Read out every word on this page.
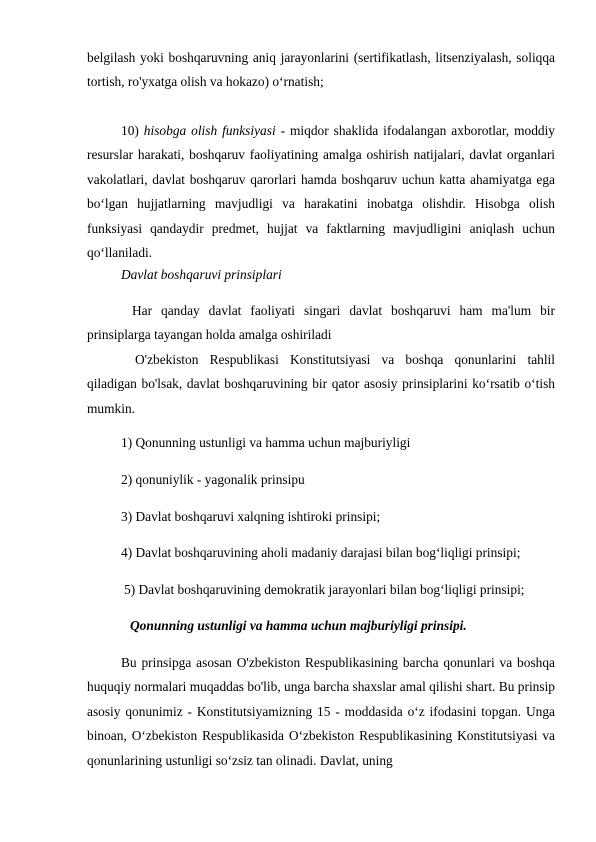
belgilash yoki boshqaruvning aniq jarayonlarini (sertifikatlash, litsenziyalash, soliqqa tortish, ro'yxatga olish va hokazo) o‘rnatish;

10) hisobga olish funksiyasi - miqdor shaklida ifodalangan axborotlar, moddiy resurslar harakati, boshqaruv faoliyatining amalga oshirish natijalari, davlat organlari vakolatlari, davlat boshqaruv qarorlari hamda boshqaruv uchun katta ahamiyatga ega bo‘lgan hujjatlarning mavjudligi va harakatini inobatga olishdir. Hisobga olish funksiyasi qandaydir predmet, hujjat va faktlarning mavjudligini aniqlash uchun qo‘llaniladi.

Davlat boshqaruvi prinsiplari

Har qanday davlat faoliyati singari davlat boshqaruvi ham ma'lum bir prinsiplarga tayangan holda amalga oshiriladi

O'zbekiston Respublikasi Konstitutsiyasi va boshqa qonunlarini tahlil qiladigan bo'lsak, davlat boshqaruvining bir qator asosiy prinsiplarini ko‘rsatib o‘tish mumkin.

1) Qonunning ustunligi va hamma uchun majburiyligi

2) qonuniylik - yagonalik prinsipu

3) Davlat boshqaruvi xalqning ishtiroki prinsipi;

4) Davlat boshqaruvining aholi madaniy darajasi bilan bog‘liqligi prinsipi;

5) Davlat boshqaruvining demokratik jarayonlari bilan bog‘liqligi prinsipi;

Qonunning ustunligi va hamma uchun majburiyligi prinsipi.

Bu prinsipga asosan O'zbekiston Respublikasining barcha qonunlari va boshqa huquqiy normalari muqaddas bo'lib, unga barcha shaxslar amal qilishi shart. Bu prinsip asosiy qonunimiz - Konstitutsiyamizning 15 - moddasida o‘z ifodasini topgan. Unga binoan, O‘zbekiston Respublikasida O‘zbekiston Respublikasining Konstitutsiyasi va qonunlarining ustunligi so‘zsiz tan olinadi. Davlat, uning
